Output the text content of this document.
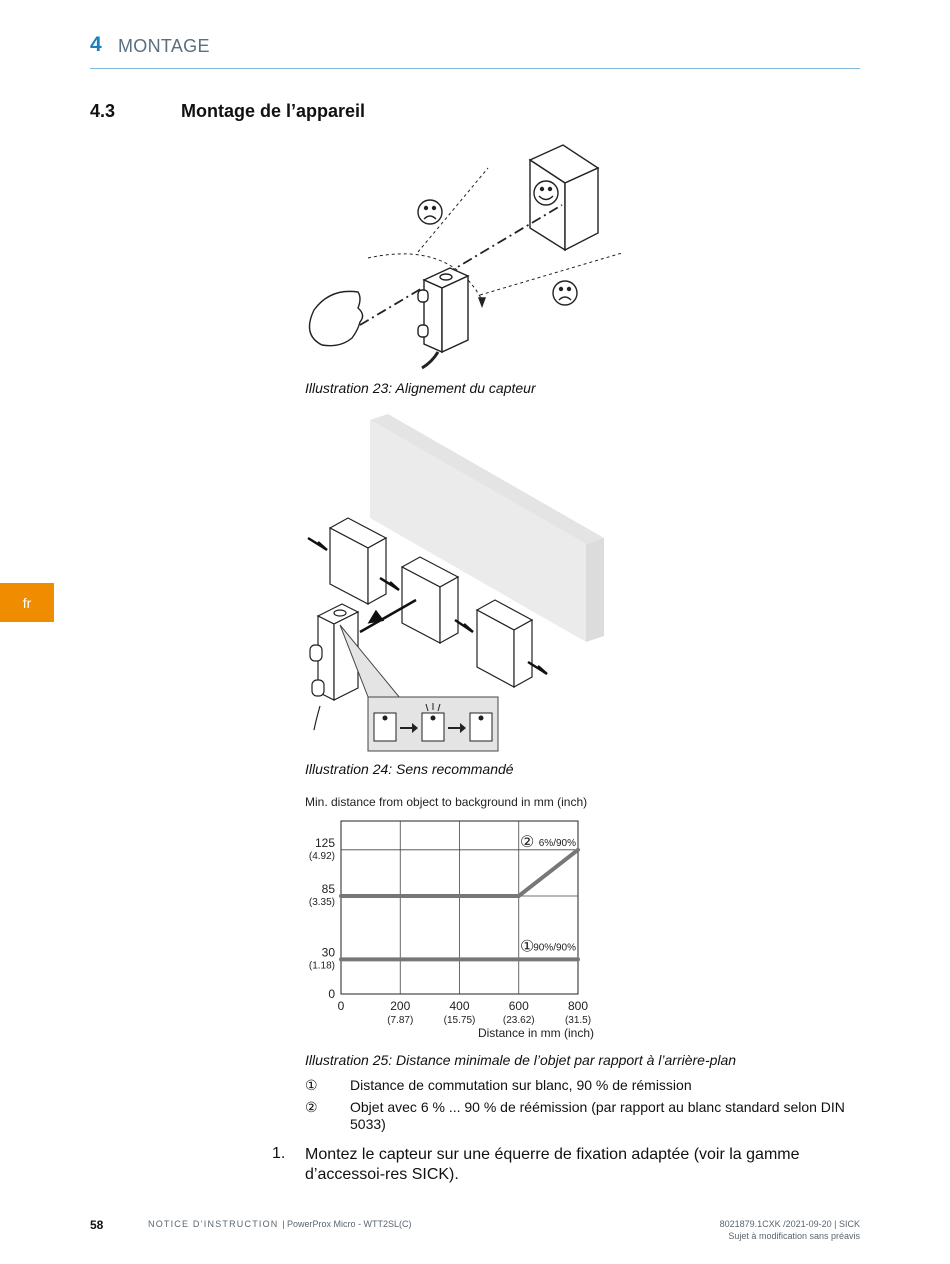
4 MONTAGE
4.3	Montage de l’appareil
fr
Illustration 23: Alignement du capteur
Illustration 24: Sens recommandé
Min. distance from object to background in mm (inch)
0
30
(1.18)
85
(3.35)
125
(4.92)
0	200
(7.87)
400
(15.75)
600
(23.62)
800
(31.5)
①
90%/90%
② 6%/90%
Distance in mm (inch)
Illustration 25: Distance minimale de l’objet par rapport à l’arrière-plan
① Distance de commutation sur blanc, 90 % de rémission
② Objet avec 6 % ... 90 % de réémission (par rapport au blanc standard selon DIN 5033)
1. Montez le capteur sur une équerre de fixation adaptée (voir la gamme d’accessoi-res SICK).
58	NOTICE D’INSTRUCTION | PowerProx Micro - WTT2SL(C)	8021879.1CXK /2021-09-20 | SICK
Sujet à modification sans préavis
